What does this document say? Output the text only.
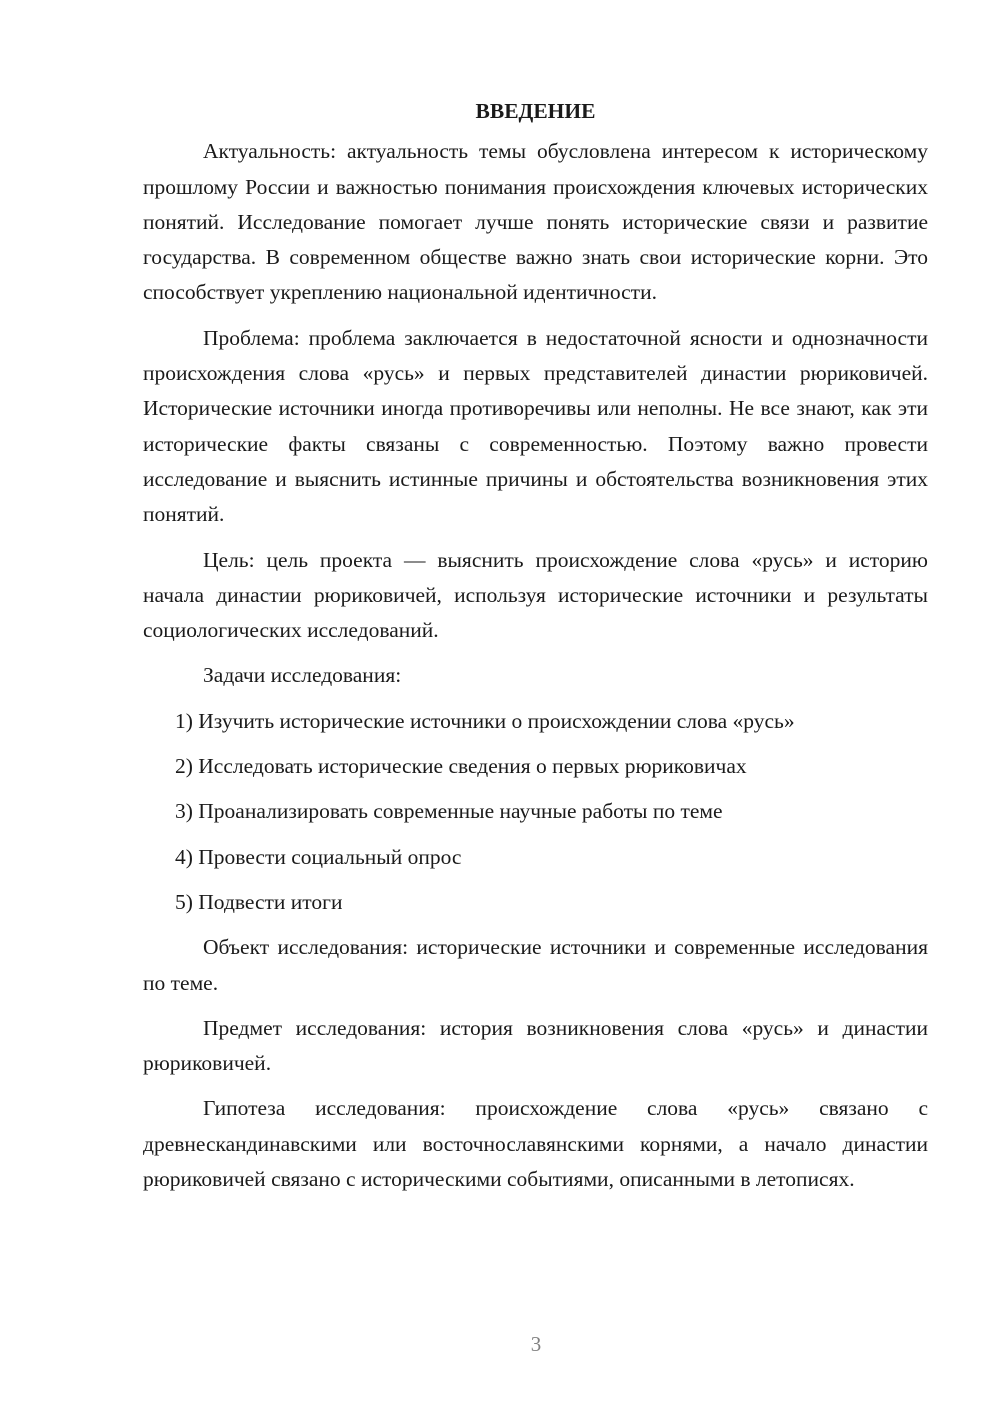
ВВЕДЕНИЕ
Актуальность: актуальность темы обусловлена интересом к историческому прошлому России и важностью понимания происхождения ключевых исторических понятий. Исследование помогает лучше понять исторические связи и развитие государства. В современном обществе важно знать свои исторические корни. Это способствует укреплению национальной идентичности.
Проблема: проблема заключается в недостаточной ясности и однозначности происхождения слова «русь» и первых представителей династии рюриковичей. Исторические источники иногда противоречивы или неполны. Не все знают, как эти исторические факты связаны с современностью. Поэтому важно провести исследование и выяснить истинные причины и обстоятельства возникновения этих понятий.
Цель: цель проекта — выяснить происхождение слова «русь» и историю начала династии рюриковичей, используя исторические источники и результаты социологических исследований.
Задачи исследования:
1) Изучить исторические источники о происхождении слова «русь»
2) Исследовать исторические сведения о первых рюриковичах
3) Проанализировать современные научные работы по теме
4) Провести социальный опрос
5) Подвести итоги
Объект исследования: исторические источники и современные исследования по теме.
Предмет исследования: история возникновения слова «русь» и династии рюриковичей.
Гипотеза исследования: происхождение слова «русь» связано с древнескандинавскими или восточнославянскими корнями, а начало династии рюриковичей связано с историческими событиями, описанными в летописях.
3
